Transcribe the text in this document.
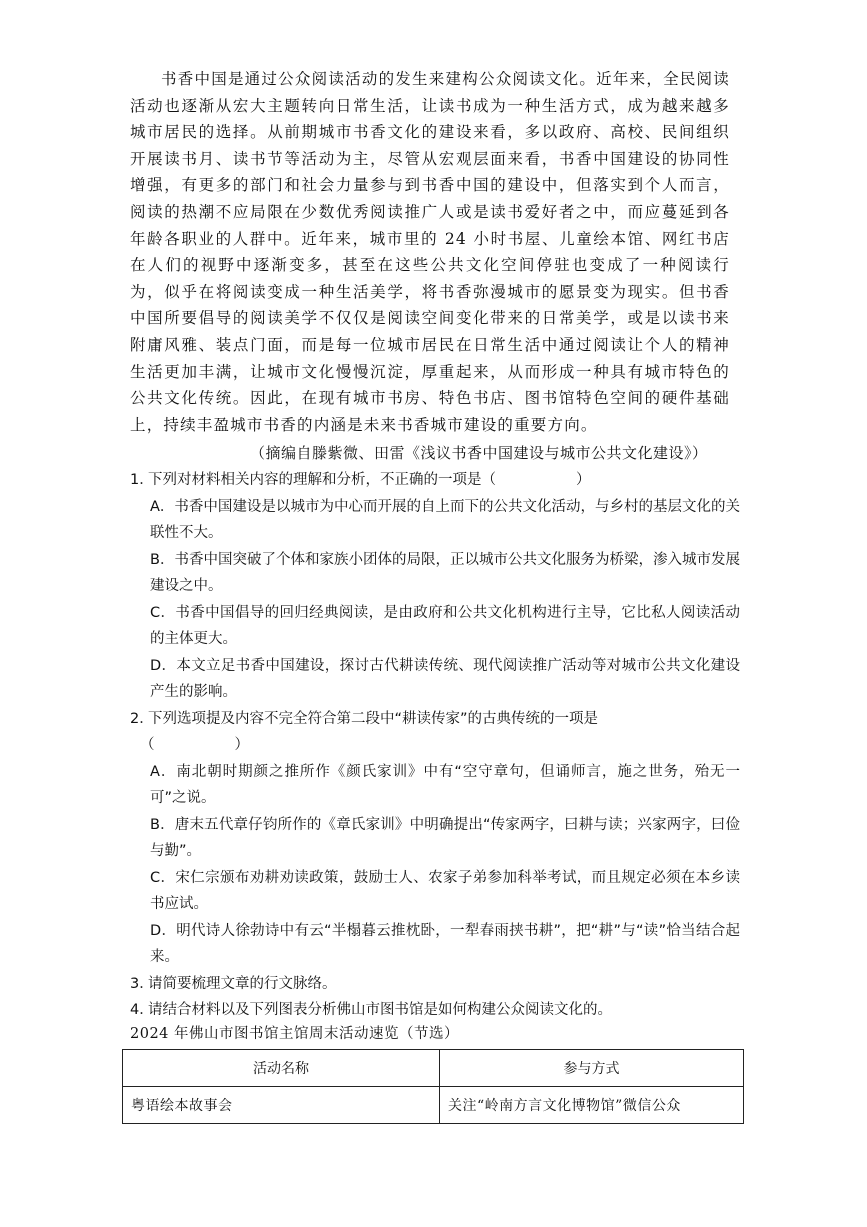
书香中国是通过公众阅读活动的发生来建构公众阅读文化。近年来，全民阅读活动也逐渐从宏大主题转向日常生活，让读书成为一种生活方式，成为越来越多城市居民的选择。从前期城市书香文化的建设来看，多以政府、高校、民间组织开展读书月、读书节等活动为主，尽管从宏观层面来看，书香中国建设的协同性增强，有更多的部门和社会力量参与到书香中国的建设中，但落实到个人而言，阅读的热潮不应局限在少数优秀阅读推广人或是读书爱好者之中，而应蔓延到各年龄各职业的人群中。近年来，城市里的 24 小时书屋、儿童绘本馆、网红书店在人们的视野中逐渐变多，甚至在这些公共文化空间停驻也变成了一种阅读行为，似乎在将阅读变成一种生活美学，将书香弥漫城市的愿景变为现实。但书香中国所要倡导的阅读美学不仅仅是阅读空间变化带来的日常美学，或是以读书来附庸风雅、装点门面，而是每一位城市居民在日常生活中通过阅读让个人的精神生活更加丰满，让城市文化慢慢沉淀，厚重起来，从而形成一种具有城市特色的公共文化传统。因此，在现有城市书房、特色书店、图书馆特色空间的硬件基础上，持续丰盈城市书香的内涵是未来书香城市建设的重要方向。

（摘编自滕紫微、田雷《浅议书香中国建设与城市公共文化建设》）

1．下列对材料相关内容的理解和分析，不正确的一项是（	）

A．书香中国建设是以城市为中心而开展的自上而下的公共文化活动，与乡村的基层文化的关联性不大。

B．书香中国突破了个体和家族小团体的局限，正以城市公共文化服务为桥梁，渗入城市发展建设之中。

C．书香中国倡导的回归经典阅读，是由政府和公共文化机构进行主导，它比私人阅读活动的主体更大。

D．本文立足书香中国建设，探讨古代耕读传统、现代阅读推广活动等对城市公共文化建设产生的影响。

2．下列选项提及内容不完全符合第二段中“耕读传家”的古典传统的一项是
（	）

A．南北朝时期颜之推所作《颜氏家训》中有“空守章句，但诵师言，施之世务，殆无一可”之说。

B．唐末五代章仔钧所作的《章氏家训》中明确提出“传家两字，曰耕与读；兴家两字，曰俭与勤”。

C．宋仁宗颁布劝耕劝读政策，鼓励士人、农家子弟参加科举考试，而且规定必须在本乡读书应试。

D．明代诗人徐勃诗中有云“半榻暮云推枕卧，一犁春雨挟书耕”，把“耕”与“读”恰当结合起来。

3．请简要梳理文章的行文脉络。

4．请结合材料以及下列图表分析佛山市图书馆是如何构建公众阅读文化的。

2024 年佛山市图书馆主馆周末活动速览（节选）

活动名称	参与方式
粤语绘本故事会	关注“岭南方言文化博物馆”微信公众
